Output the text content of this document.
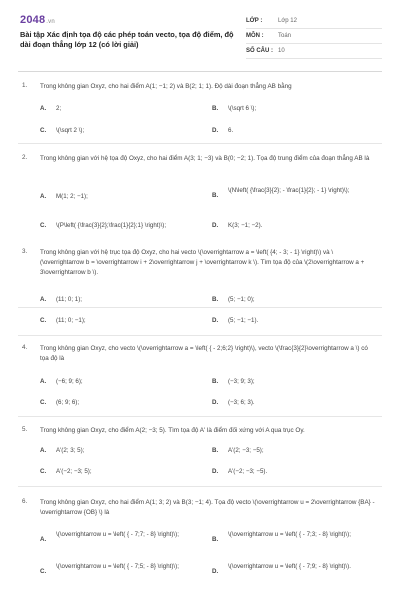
2048.vn
Bài tập Xác định tọa độ các phép toán vecto, tọa độ điểm, độ dài đoạn thẳng lớp 12 (có lời giải)
LỚP :	Lớp 12
MÔN :	Toán
SỐ CÂU : 10
1. Trong không gian Oxyz, cho hai điểm A(1; −1; 2) và B(2; 1; 1). Độ dài đoạn thẳng AB bằng
A.	2;	B.	\(\sqrt 6 \);
C.	\(\sqrt 2 \);	D.	6.
2. Trong không gian với hệ tọa độ Oxyz, cho hai điểm A(3; 1; −3) và B(0; −2; 1). Tọa độ trung điểm của đoạn thẳng AB là
A.	M(1; 2; −1);	B.
\(N\left( {\frac{3}{2}; - \frac{1}{2}; - 1} \right)\);
C.	\(P\left( {\frac{3}{2};\frac{1}{2};1} \right)\);	D.	K(3; −1; −2).
3. Trong không gian với hệ trục tọa độ Oxyz, cho hai vecto \(\overrightarrow a = \left( {4; - 3; - 1} \right)\) và \(\overrightarrow b = \overrightarrow i + 2\overrightarrow j + \overrightarrow k \). Tìm tọa độ của \(2\overrightarrow a + 3\overrightarrow b \).
A.	(11; 0; 1);	B.	(5; −1; 0);
C.	(11; 0; −1);	D.	(5; −1; −1).
4. Trong không gian Oxyz, cho vecto \(\overrightarrow a = \left( { - 2;6;2} \right)\), vecto \(\frac{3}{2}\overrightarrow a \) có tọa độ là
A.	(−6; 9; 6);	B.	(−3; 9; 3);
C.	(6; 9; 6);	D.	(−3; 6; 3).
5. Trong không gian Oxyz, cho điểm A(2; −3; 5). Tìm tọa độ A' là điểm đối xứng với A qua trục Oy.
A.	A'(2; 3; 5);	B.	A'(2; −3; −5);
C.	A'(−2; −3; 5);	D.	A'(−2; −3; −5).
6. Trong không gian Oxyz, cho hai điểm A(1; 3; 2) và B(3; −1; 4). Tọa độ vecto \(\overrightarrow u = 2\overrightarrow {BA} - \overrightarrow {OB} \) là
A.
\(\overrightarrow u = \left( { - 7;7; - 8} \right)\);
B.
\(\overrightarrow u = \left( { - 7;3; - 8} \right)\);
C.
\(\overrightarrow u = \left( { - 7;5; - 8} \right)\);
D.
\(\overrightarrow u = \left( { - 7;9; - 8} \right)\).
